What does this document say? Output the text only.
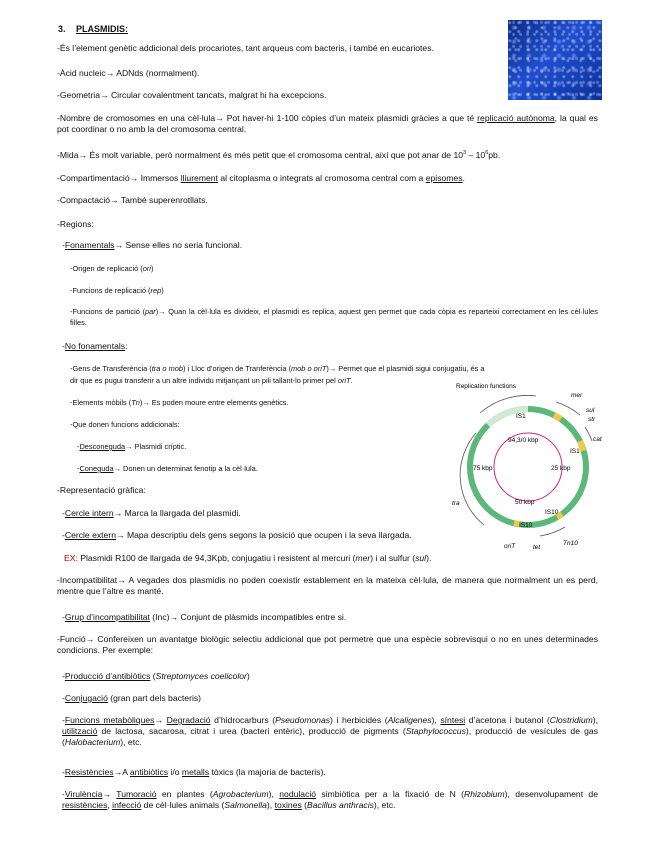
3. PLASMIDIS:
-És l’element genètic addicional dels procariotes, tant arqueus com bacteris, i també en eucariotes.
-Àcid nucleic→ ADNds (normalment).
-Geometria→ Circular covalentment tancats, malgrat hi ha excepcions.
-Nombre de cromosomes en una cèl·lula→ Pot haver-hi 1-100 còpies d’un mateix plasmidi gràcies a que té replicació autònoma, la qual es pot coordinar o no amb la del cromosoma central.
-Mida→ És molt variable, però normalment és més petit que el cromosoma central, així que pot anar de $10^3 - 10^6pb$.
-Compartimentació→ Immersos lliurement al citoplasma o integrats al cromosoma central com a episomes.
-Compactació→ També superenrotllats.
-Regions:
-Fonamentals→ Sense elles no seria funcional.
-Origen de replicació (ori)
-Funcions de replicació (rep)
-Funcions de partició (par)→ Quan la cèl·lula es divideix, el plasmidi es replica, aquest gen permet que cada còpia es reparteixi correctament en les cèl·lules filles.
-No fonamentals:
-Gens de Transferència (tra o mob) i Lloc d’origen de Tranferència (mob o oriT)→ Permet que el plasmidi sigui conjugatiu, és a
dir que es pugui transferir a un altre individu mitjançant un pili tallant-lo primer pel oriT.
-Elements mòbils (Tn)→ Es poden moure entre elements genètics.
-Que donen funcions addicionals:
-Desconeguda→ Plasmidi críptic.
-Coneguda→ Donen un determinat fenotip a la cèl·lula.
-Representació gràfica:
-Cercle intern→ Marca la llargada del plasmidi.
-Cercle extern→ Mapa descriptiu dels gens segons la posició que ocupen i la seva llargada.
EX: Plasmidi R100 de llargada de 94,3Kpb, conjugatiu i resistent al mercuri (mer) i al sulfur (sul).
-Incompatibilitat→ A vegades dos plasmidis no poden coexistir establement en la mateixa cèl·lula, de manera que normalment un es perd, mentre que l’altre es manté.
-Grup d’incompatibilitat (Inc)→ Conjunt de plàsmids incompatibles entre si.
-Funció→ Confereixen un avantatge biològic selectiu addicional que pot permetre que una espècie sobrevisqui o no en unes determinades condicions. Per exemple:
-Producció d’antibiòtics (Streptomyces coelicolor)
-Conjugació (gran part dels bacteris)
-Funcions metabòliques→ Degradació d’hidrocarburs (Pseudomonas) i herbicides (Alcaligenes), síntesi d’acetona i butanol (Clostridium), utilització de lactosa, sacarosa, citrat i urea (bacteri entèric), producció de pigments (Staphylococcus), producció de vesícules de gas (Halobacterium), etc.
-Resistències→A antibiòtics i/o metalls tòxics (la majoria de bacteris).
-Virulència→ Tumoració en plantes (Agrobacterium), nodulació simbiòtica per a la fixació de N (Rhizobium), desenvolupament de resistències, infecció de cèl·lules animals (Salmonella), toxines (Bacillus anthracis), etc.
Replication functions
mer
sul
str
cat
IS1
IS1
IS10
IS10
Tn10
tet
oriT
tra
94,3/0 kbp
75 kbp	25 kbp
50 kbp
